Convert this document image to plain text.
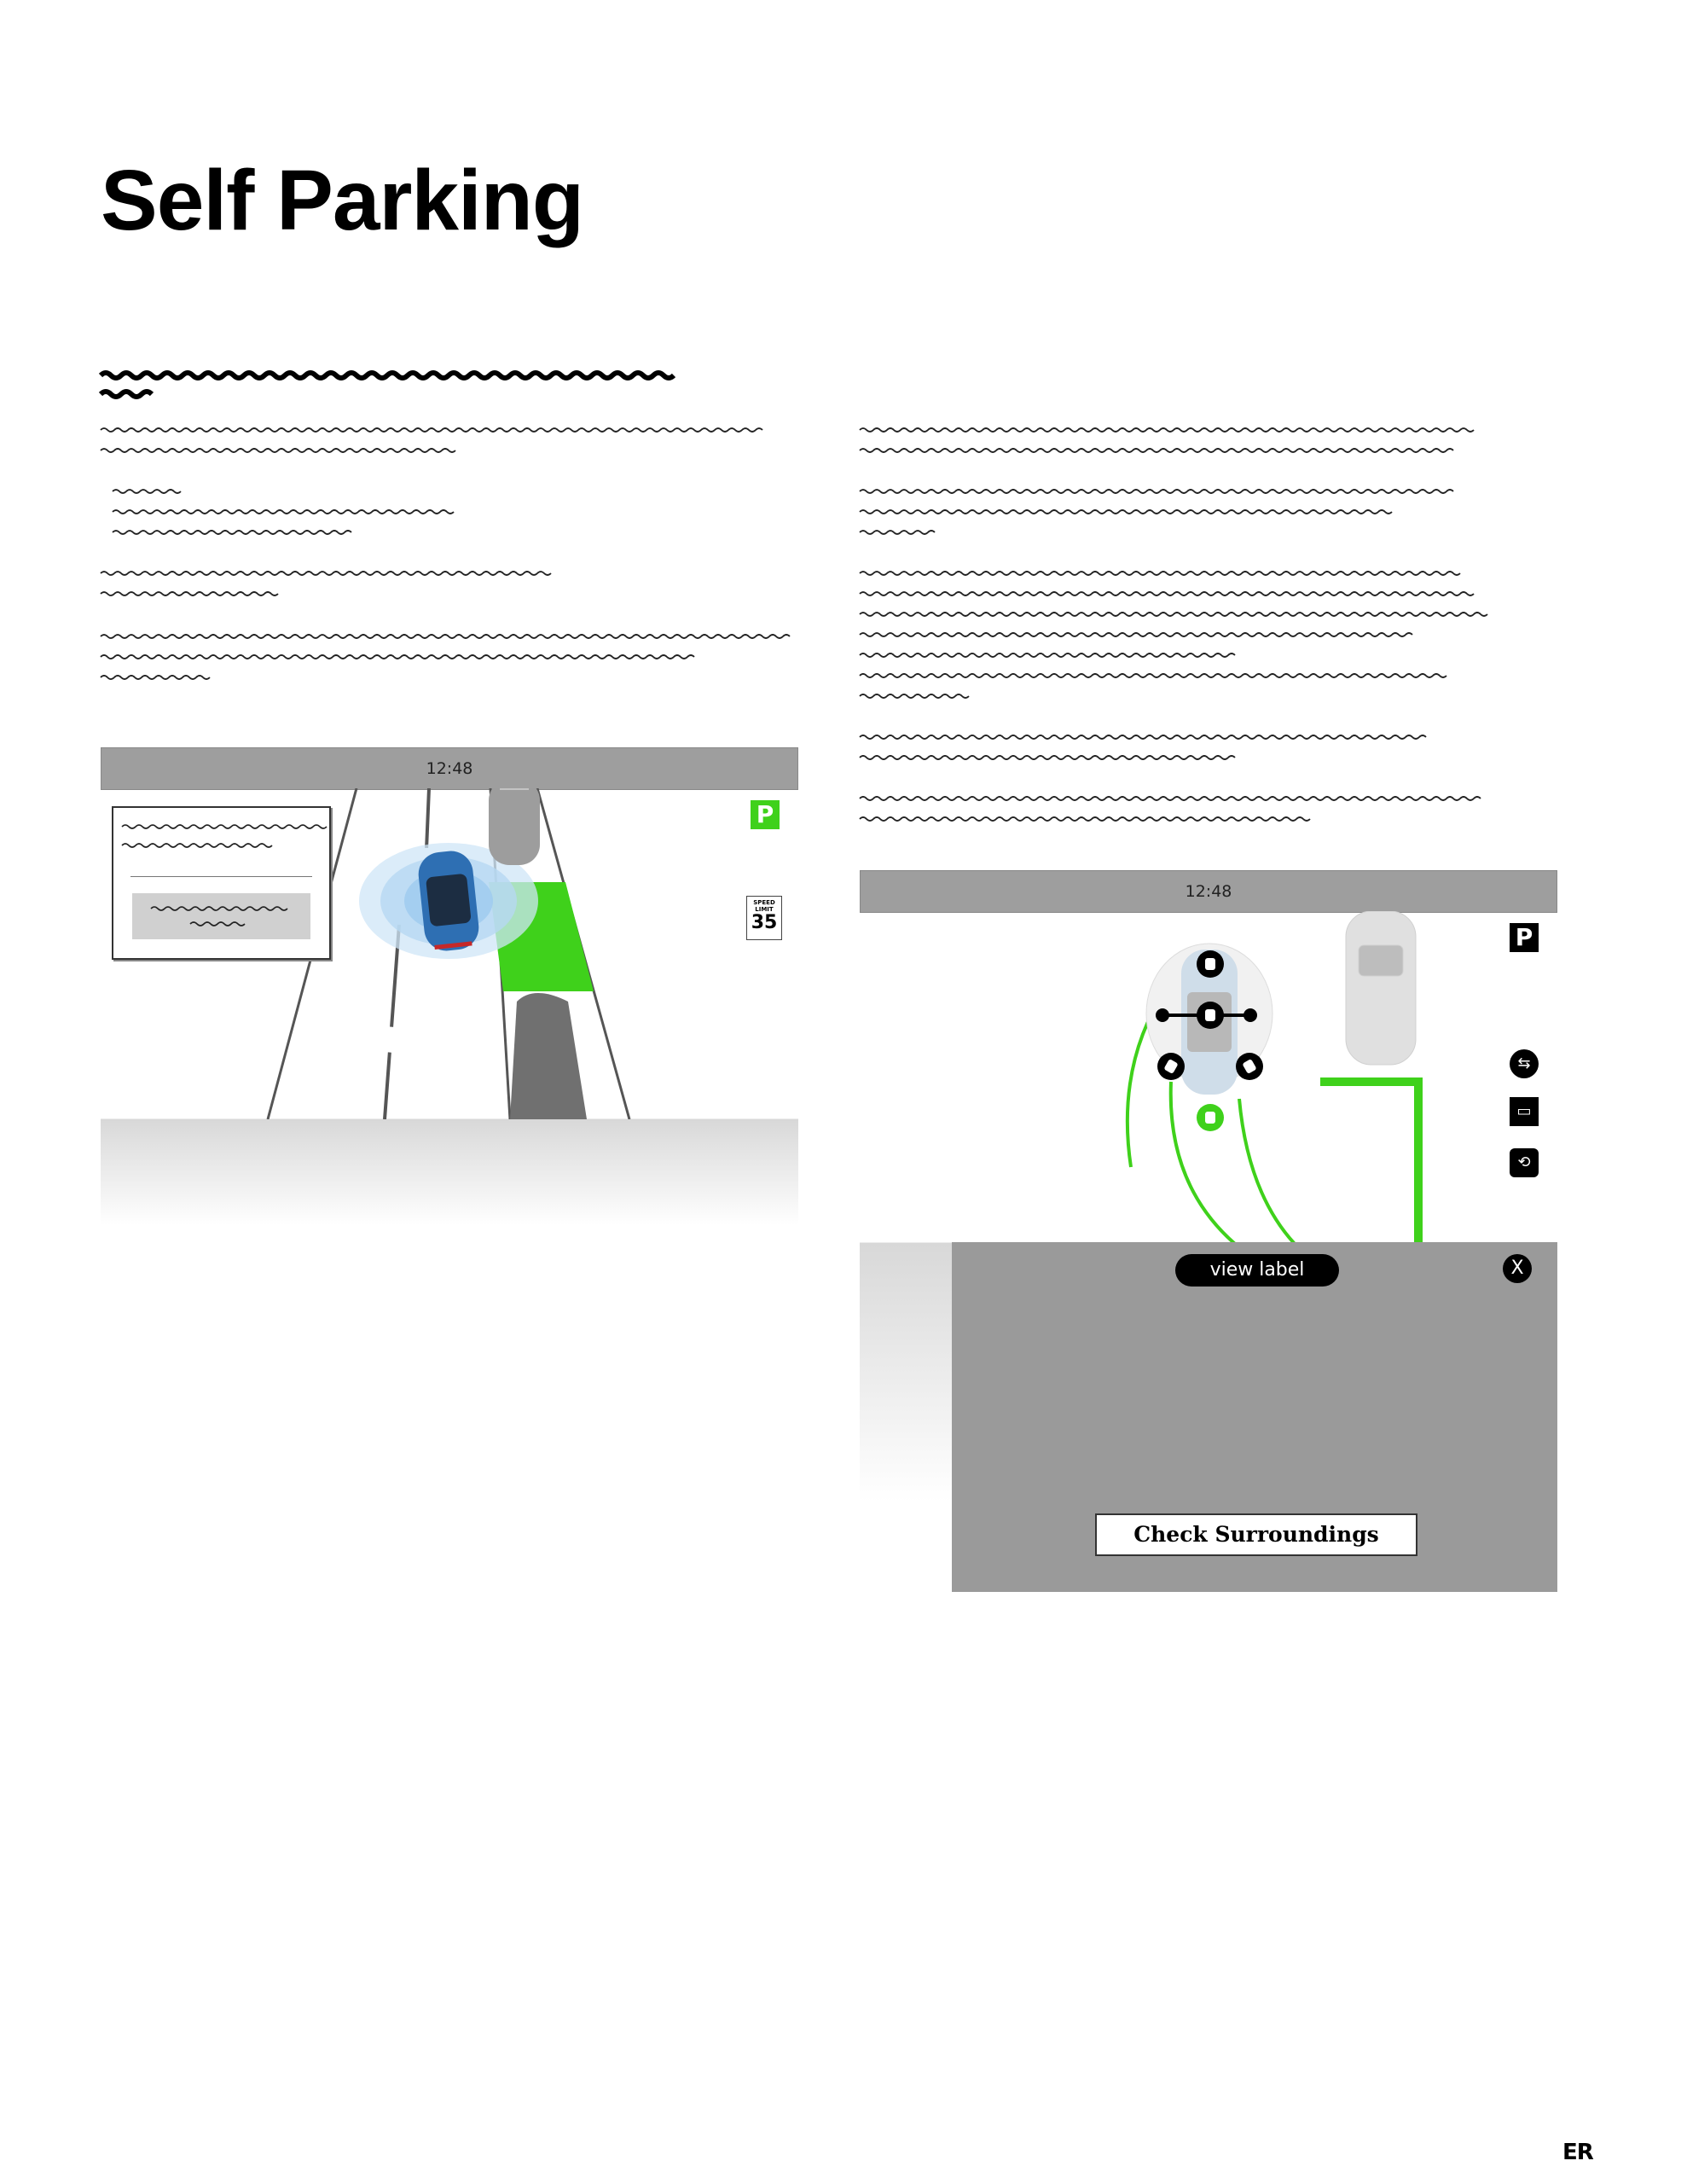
Self Parking
12:48
P
SPEED LIMIT
35
12:48
P
⇆
▭
⟲
view label	X
Check Surroundings
ER
